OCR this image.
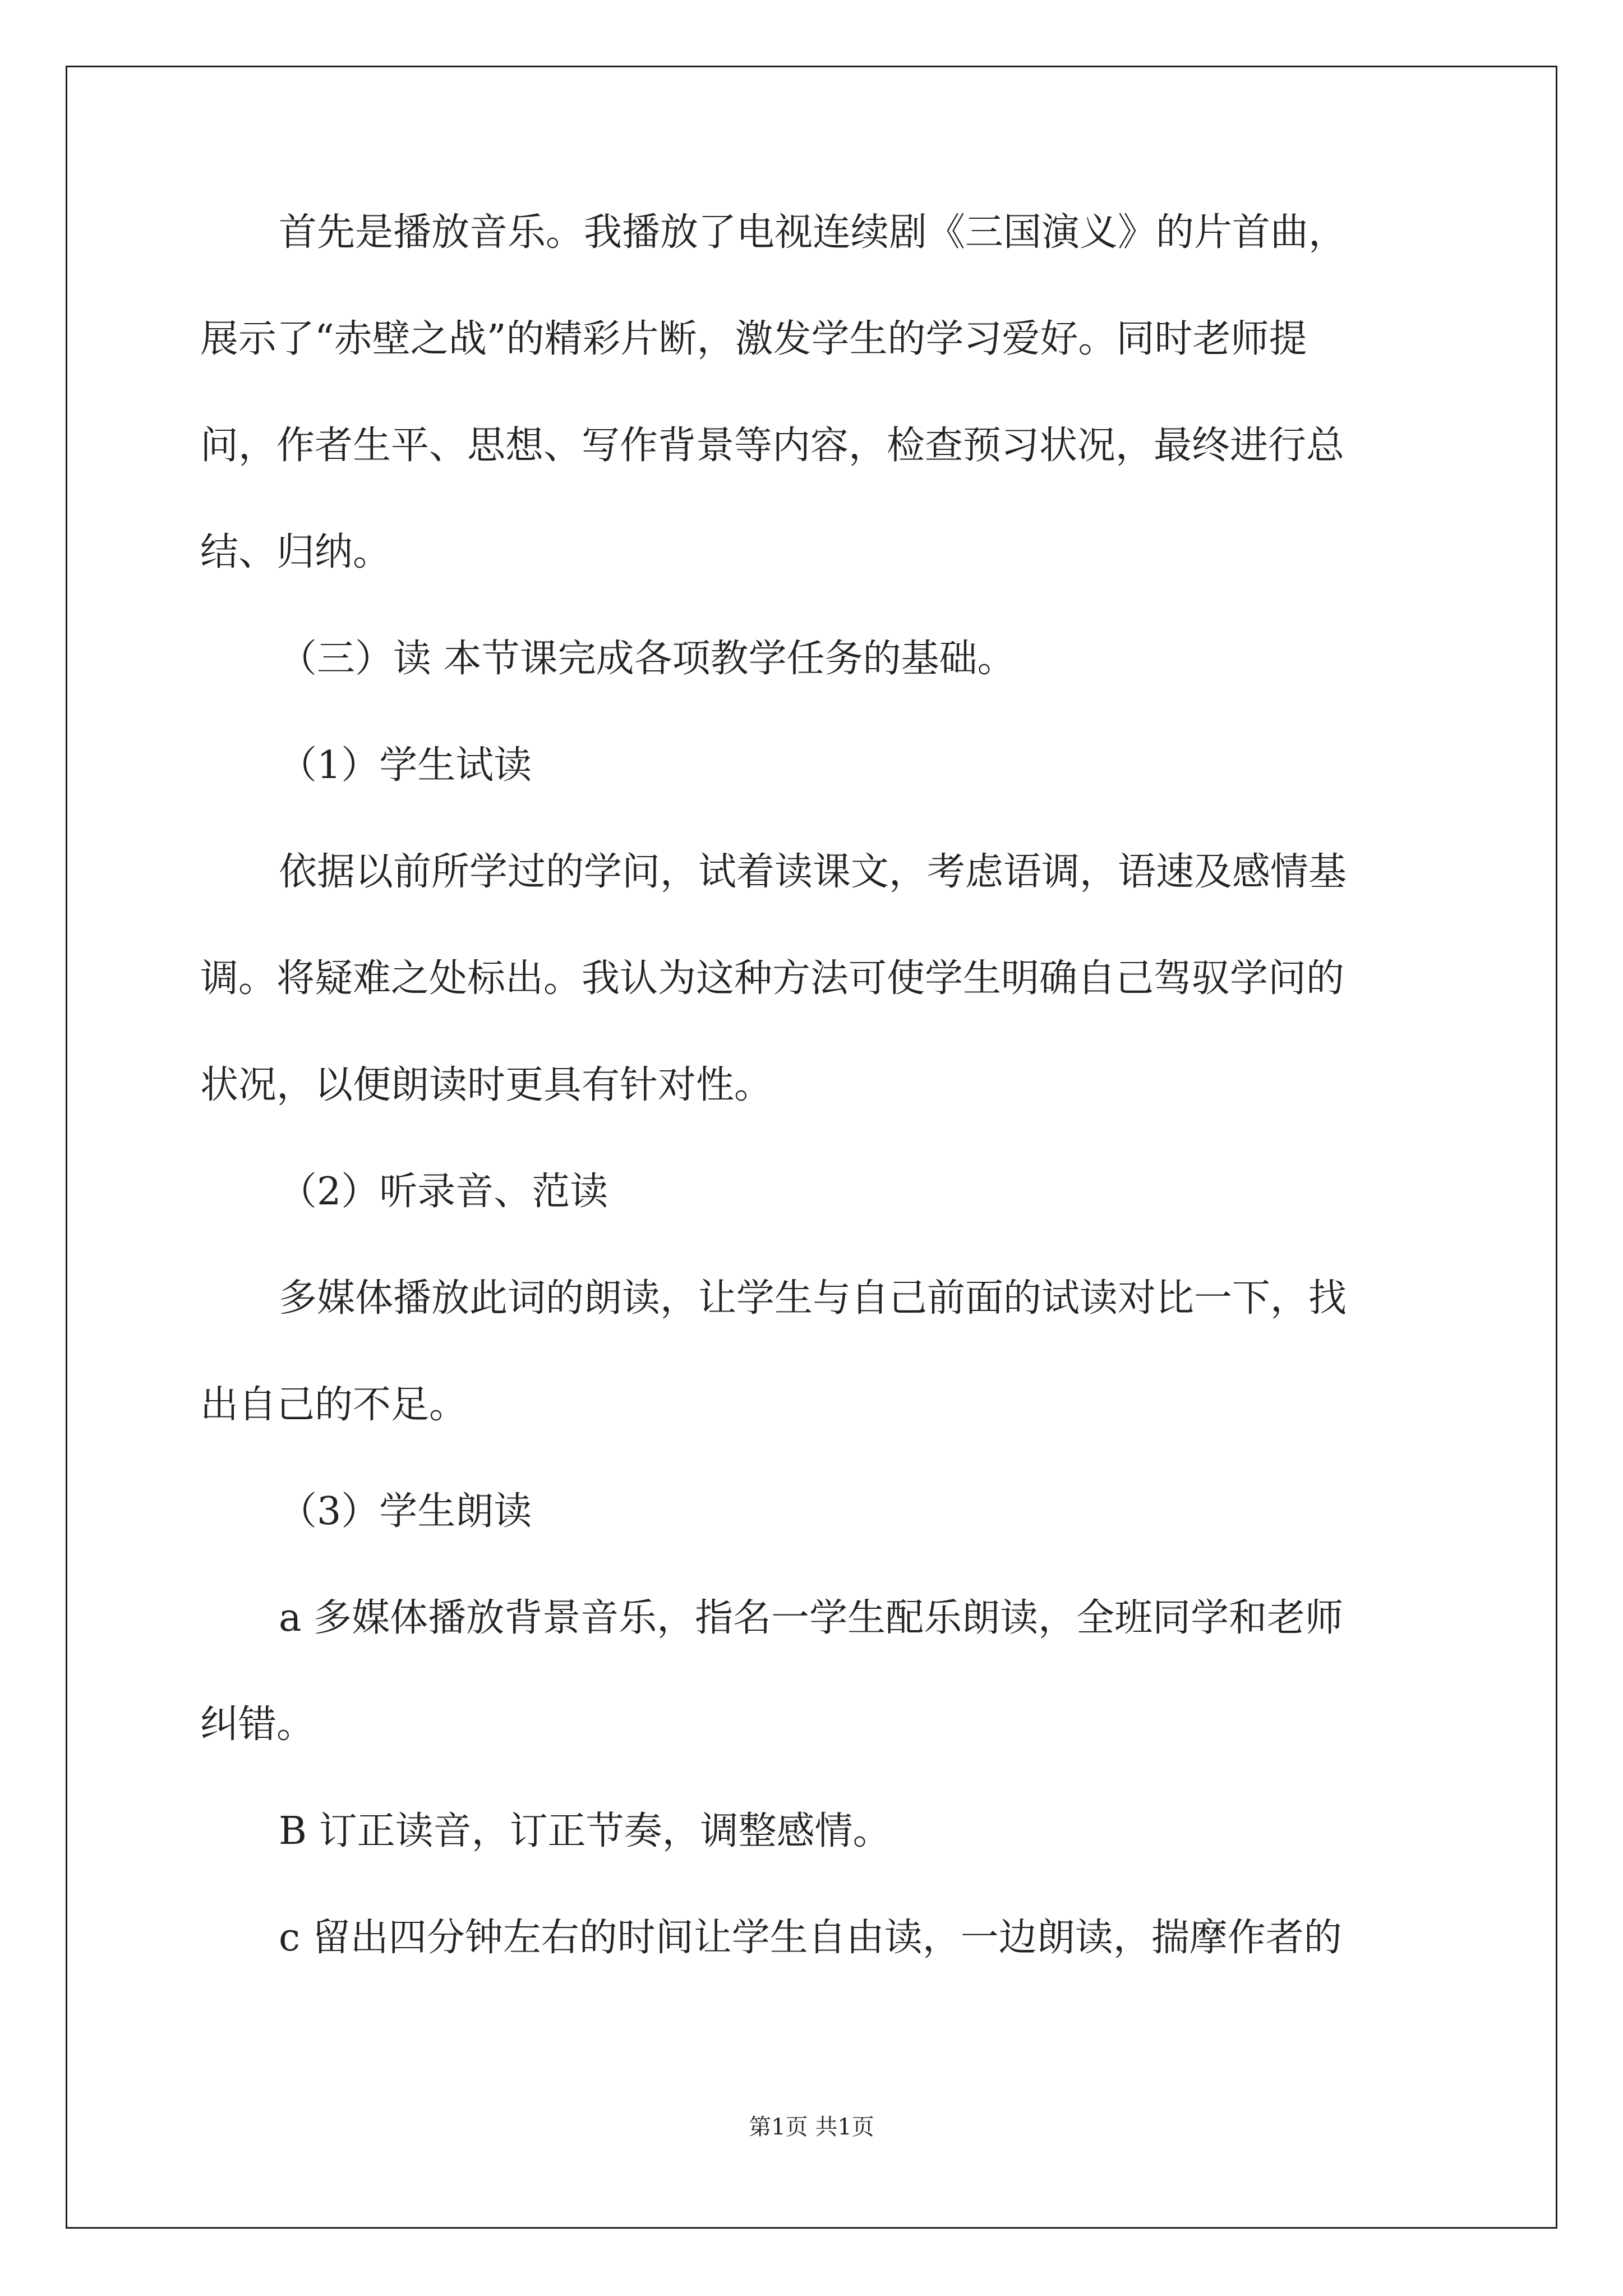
首先是播放音乐。我播放了电视连续剧《三国演义》的片首曲，
展示了“赤壁之战”的精彩片断，激发学生的学习爱好。同时老师提
问，作者生平、思想、写作背景等内容，检查预习状况，最终进行总
结、归纳。
（三）读 本节课完成各项教学任务的基础。
（1）学生试读
依据以前所学过的学问，试着读课文，考虑语调，语速及感情基
调。将疑难之处标出。我认为这种方法可使学生明确自己驾驭学问的
状况，以便朗读时更具有针对性。
（2）听录音、范读
多媒体播放此词的朗读，让学生与自己前面的试读对比一下，找
出自己的不足。
（3）学生朗读
a 多媒体播放背景音乐，指名一学生配乐朗读，全班同学和老师
纠错。
B 订正读音，订正节奏，调整感情。
c 留出四分钟左右的时间让学生自由读，一边朗读，揣摩作者的
第1页 共1页
